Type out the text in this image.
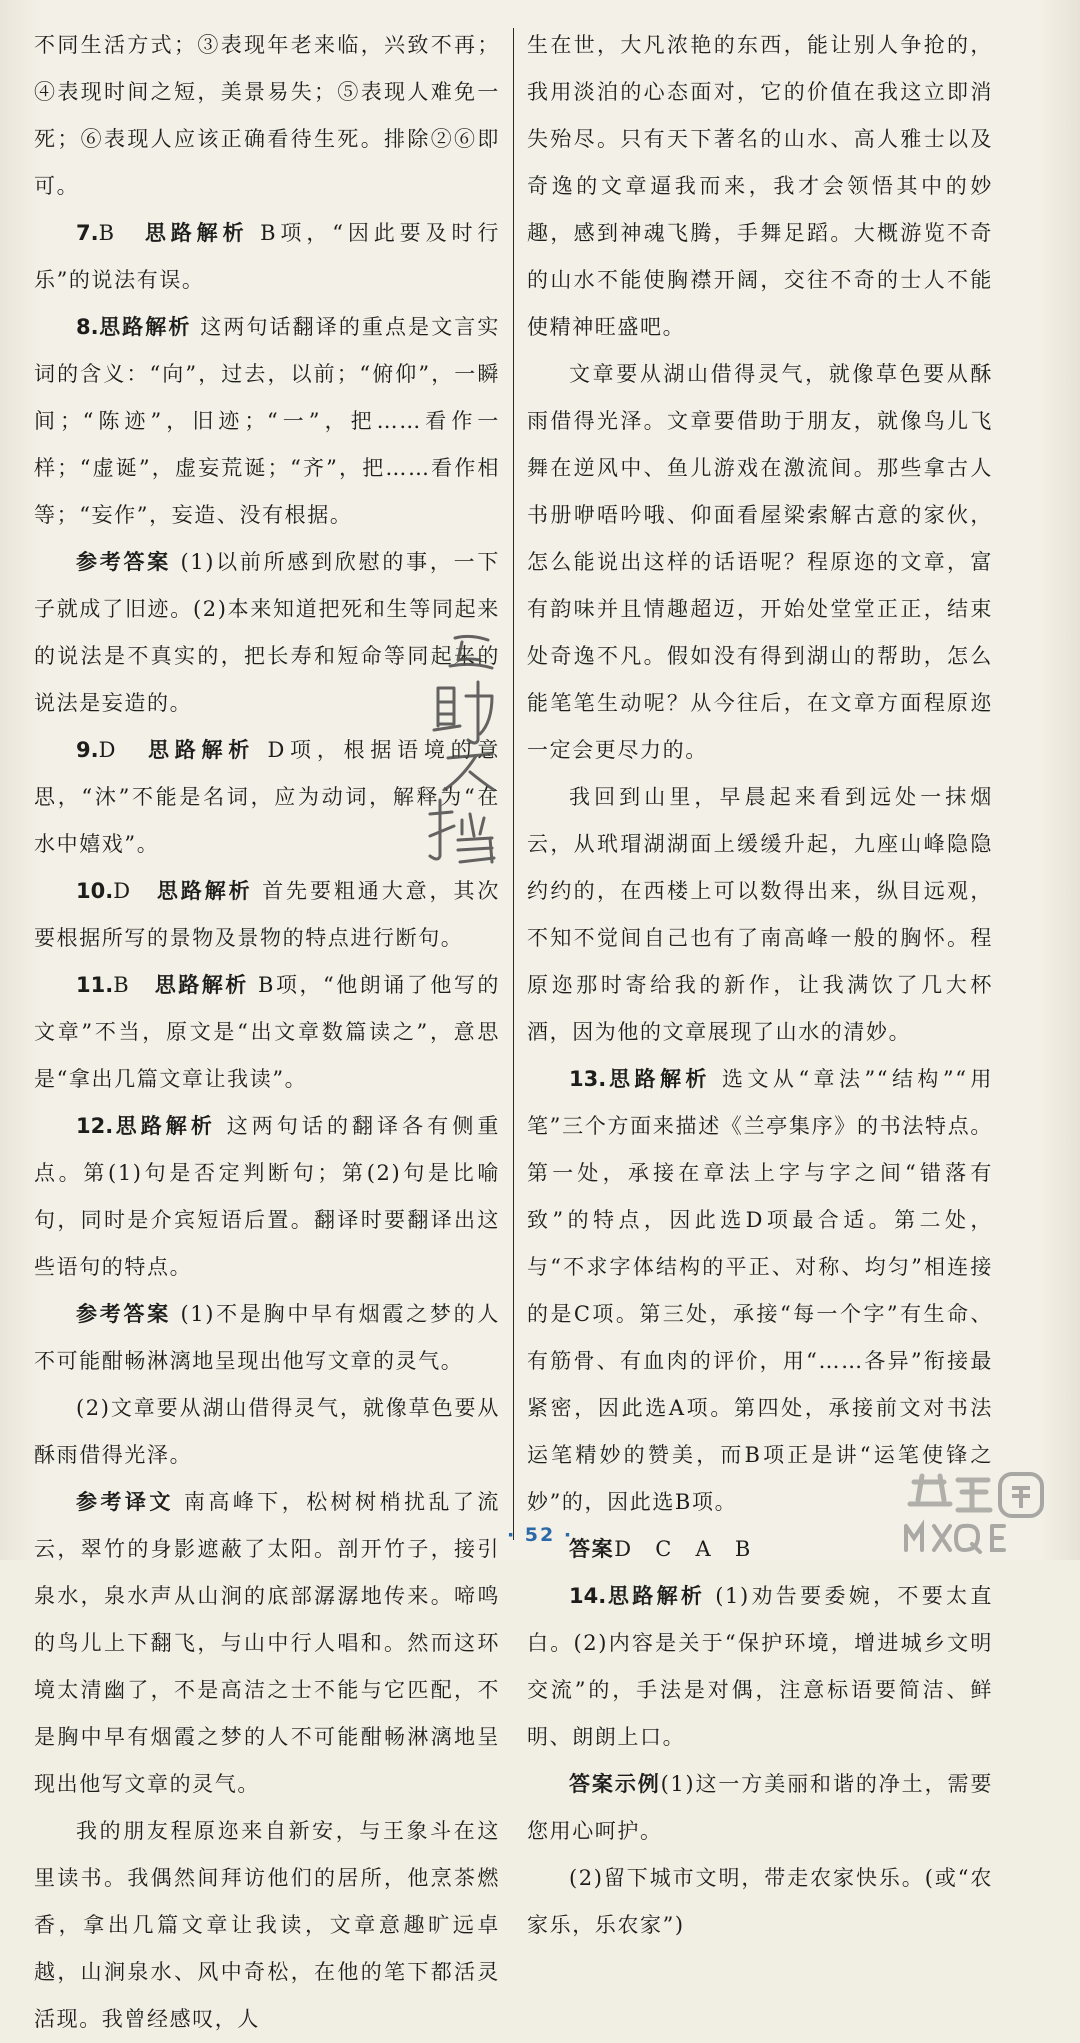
不同生活方式；③表现年老来临，兴致不再；④表现时间之短，美景易失；⑤表现人难免一死；⑥表现人应该正确看待生死。排除②⑥即可。
7.B　 思路解析 B项，“因此要及时行乐”的说法有误。
8.思路解析 这两句话翻译的重点是文言实词的含义：“向”，过去，以前；“俯仰”，一瞬间；“陈迹”，旧迹；“一”，把……看作一样；“虚诞”，虚妄荒诞；“齐”，把……看作相等；“妄作”，妄造、没有根据。
参考答案 (1)以前所感到欣慰的事，一下子就成了旧迹。(2)本来知道把死和生等同起来的说法是不真实的，把长寿和短命等同起来的说法是妄造的。
9.D　 思路解析 D项，根据语境的意思，“沐”不能是名词，应为动词，解释为“在水中嬉戏”。
10.D　 思路解析 首先要粗通大意，其次要根据所写的景物及景物的特点进行断句。
11.B　 思路解析 B项，“他朗诵了他写的文章”不当，原文是“出文章数篇读之”，意思是“拿出几篇文章让我读”。
12.思路解析 这两句话的翻译各有侧重点。第(1)句是否定判断句；第(2)句是比喻句，同时是介宾短语后置。翻译时要翻译出这些语句的特点。
参考答案 (1)不是胸中早有烟霞之梦的人不可能酣畅淋漓地呈现出他写文章的灵气。
(2)文章要从湖山借得灵气，就像草色要从酥雨借得光泽。
参考译文 南高峰下，松树树梢扰乱了流云，翠竹的身影遮蔽了太阳。剖开竹子，接引泉水，泉水声从山涧的底部潺潺地传来。啼鸣的鸟儿上下翻飞，与山中行人唱和。然而这环境太清幽了，不是高洁之士不能与它匹配，不是胸中早有烟霞之梦的人不可能酣畅淋漓地呈现出他写文章的灵气。
我的朋友程原迩来自新安，与王象斗在这里读书。我偶然间拜访他们的居所，他烹茶燃香，拿出几篇文章让我读，文章意趣旷远卓越，山涧泉水、风中奇松，在他的笔下都活灵活现。我曾经感叹，人
生在世，大凡浓艳的东西，能让别人争抢的，我用淡泊的心态面对，它的价值在我这立即消失殆尽。只有天下著名的山水、高人雅士以及奇逸的文章逼我而来，我才会领悟其中的妙趣，感到神魂飞腾，手舞足蹈。大概游览不奇的山水不能使胸襟开阔，交往不奇的士人不能使精神旺盛吧。
文章要从湖山借得灵气，就像草色要从酥雨借得光泽。文章要借助于朋友，就像鸟儿飞舞在逆风中、鱼儿游戏在激流间。那些拿古人书册咿唔吟哦、仰面看屋梁索解古意的家伙，怎么能说出这样的话语呢？程原迩的文章，富有韵味并且情趣超迈，开始处堂堂正正，结束处奇逸不凡。假如没有得到湖山的帮助，怎么能笔笔生动呢？从今往后，在文章方面程原迩一定会更尽力的。
我回到山里，早晨起来看到远处一抹烟云，从玳瑁湖湖面上缓缓升起，九座山峰隐隐约约的，在西楼上可以数得出来，纵目远观，不知不觉间自己也有了南高峰一般的胸怀。程原迩那时寄给我的新作，让我满饮了几大杯酒，因为他的文章展现了山水的清妙。
13.思路解析 选文从“章法”“结构”“用笔”三个方面来描述《兰亭集序》的书法特点。第一处，承接在章法上字与字之间“错落有致”的特点，因此选D项最合适。第二处，与“不求字体结构的平正、对称、均匀”相连接的是C项。第三处，承接“每一个字”有生命、有筋骨、有血肉的评价，用“……各异”衔接最紧密，因此选A项。第四处，承接前文对书法运笔精妙的赞美，而B项正是讲“运笔使锋之妙”的，因此选B项。
答案D　C　A　B
14.思路解析 (1)劝告要委婉，不要太直白。(2)内容是关于“保护环境，增进城乡文明交流”的，手法是对偶，注意标语要简洁、鲜明、朗朗上口。
答案示例(1)这一方美丽和谐的净土，需要您用心呵护。
(2)留下城市文明，带走农家快乐。(或“农家乐，乐农家”)
· 52 ·
